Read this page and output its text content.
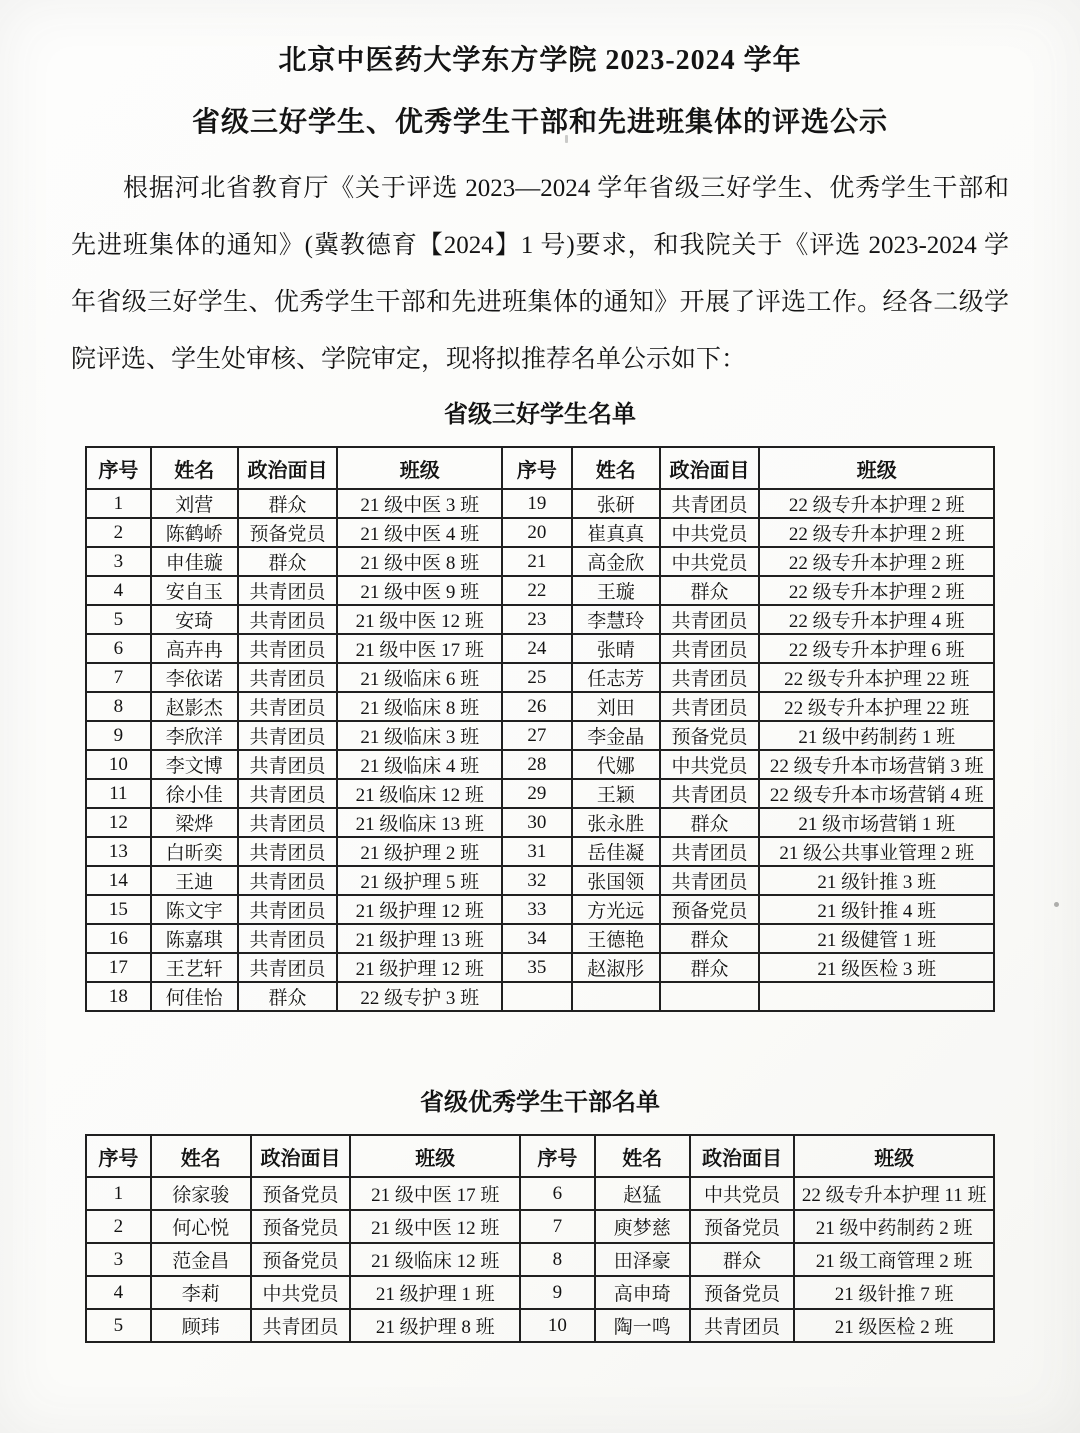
北京中医药大学东方学院 2023-2024 学年
省级三好学生、优秀学生干部和先进班集体的评选公示
根据河北省教育厅《关于评选 2023—2024 学年省级三好学生、优秀学生干部和
先进班集体的通知》(冀教德育【2024】1 号)要求，和我院关于《评选 2023-2024 学
年省级三好学生、优秀学生干部和先进班集体的通知》开展了评选工作。经各二级学
院评选、学生处审核、学院审定，现将拟推荐名单公示如下：
省级三好学生名单
序号	姓名	政治面目	班级	序号	姓名	政治面目	班级
1	刘营	群众	21 级中医 3 班	19	张研	共青团员	22 级专升本护理 2 班
2	陈鹤峤	预备党员	21 级中医 4 班	20	崔真真	中共党员	22 级专升本护理 2 班
3	申佳璇	群众	21 级中医 8 班	21	高金欣	中共党员	22 级专升本护理 2 班
4	安自玉	共青团员	21 级中医 9 班	22	王璇	群众	22 级专升本护理 2 班
5	安琦	共青团员	21 级中医 12 班	23	李慧玲	共青团员	22 级专升本护理 4 班
6	高卉冉	共青团员	21 级中医 17 班	24	张晴	共青团员	22 级专升本护理 6 班
7	李依诺	共青团员	21 级临床 6 班	25	任志芳	共青团员	22 级专升本护理 22 班
8	赵影杰	共青团员	21 级临床 8 班	26	刘田	共青团员	22 级专升本护理 22 班
9	李欣洋	共青团员	21 级临床 3 班	27	李金晶	预备党员	21 级中药制药 1 班
10	李文博	共青团员	21 级临床 4 班	28	代娜	中共党员	22 级专升本市场营销 3 班
11	徐小佳	共青团员	21 级临床 12 班	29	王颖	共青团员	22 级专升本市场营销 4 班
12	梁烨	共青团员	21 级临床 13 班	30	张永胜	群众	21 级市场营销 1 班
13	白昕奕	共青团员	21 级护理 2 班	31	岳佳凝	共青团员	21 级公共事业管理 2 班
14	王迪	共青团员	21 级护理 5 班	32	张国领	共青团员	21 级针推 3 班
15	陈文宇	共青团员	21 级护理 12 班	33	方光远	预备党员	21 级针推 4 班
16	陈嘉琪	共青团员	21 级护理 13 班	34	王德艳	群众	21 级健管 1 班
17	王艺轩	共青团员	21 级护理 12 班	35	赵淑彤	群众	21 级医检 3 班
18	何佳怡	群众	22 级专护 3 班				
省级优秀学生干部名单
序号	姓名	政治面目	班级	序号	姓名	政治面目	班级
1	徐家骏	预备党员	21 级中医 17 班	6	赵猛	中共党员	22 级专升本护理 11 班
2	何心悦	预备党员	21 级中医 12 班	7	庾梦慈	预备党员	21 级中药制药 2 班
3	范金昌	预备党员	21 级临床 12 班	8	田泽豪	群众	21 级工商管理 2 班
4	李莉	中共党员	21 级护理 1 班	9	高申琦	预备党员	21 级针推 7 班
5	顾玮	共青团员	21 级护理 8 班	10	陶一鸣	共青团员	21 级医检 2 班
